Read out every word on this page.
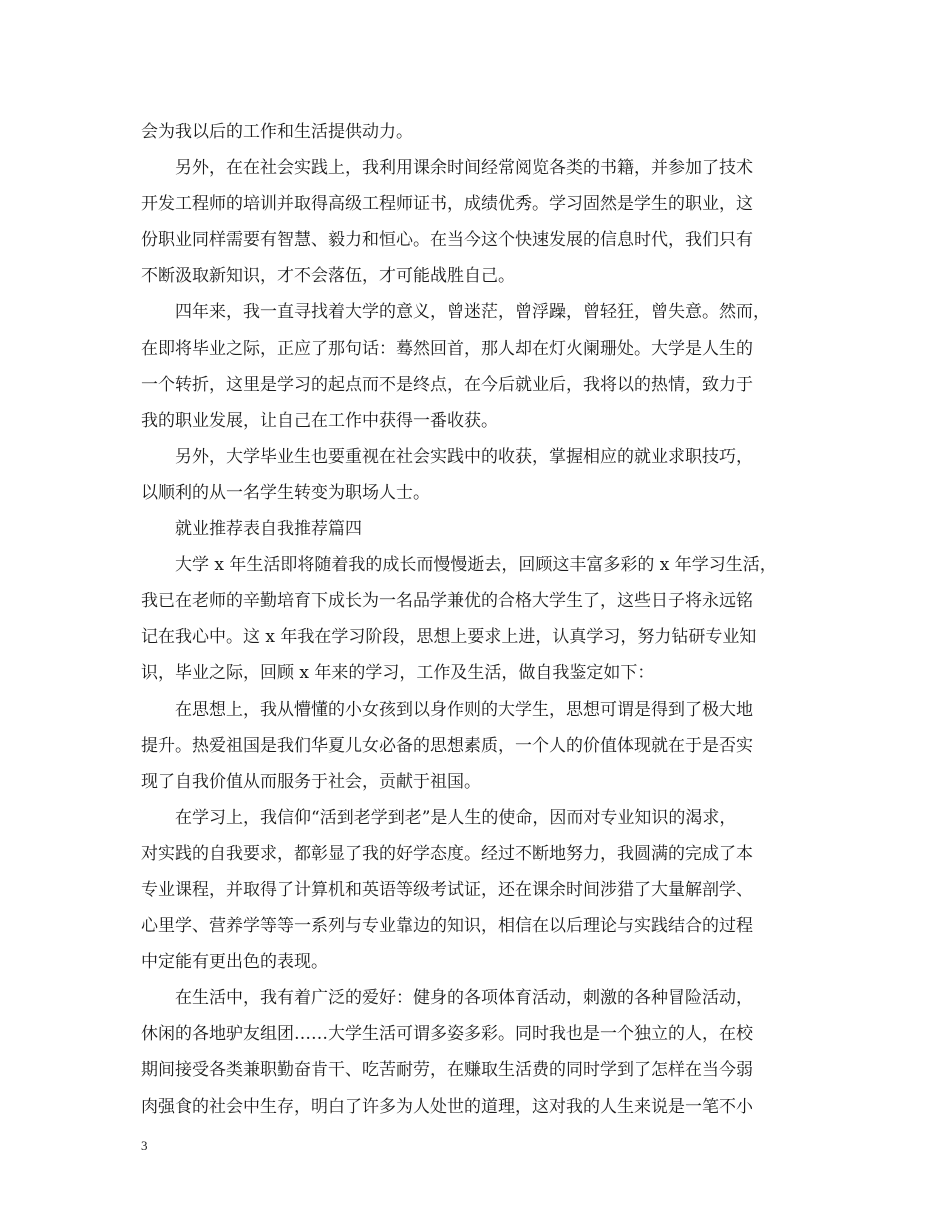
会为我以后的工作和生活提供动力。
另外，在在社会实践上，我利用课余时间经常阅览各类的书籍，并参加了技术
开发工程师的培训并取得高级工程师证书，成绩优秀。学习固然是学生的职业，这
份职业同样需要有智慧、毅力和恒心。在当今这个快速发展的信息时代，我们只有
不断汲取新知识，才不会落伍，才可能战胜自己。
四年来，我一直寻找着大学的意义，曾迷茫，曾浮躁，曾轻狂，曾失意。然而，
在即将毕业之际，正应了那句话：蓦然回首，那人却在灯火阑珊处。大学是人生的
一个转折，这里是学习的起点而不是终点，在今后就业后，我将以的热情，致力于
我的职业发展，让自己在工作中获得一番收获。
另外，大学毕业生也要重视在社会实践中的收获，掌握相应的就业求职技巧，
以顺利的从一名学生转变为职场人士。
就业推荐表自我推荐篇四
大学 x 年生活即将随着我的成长而慢慢逝去，回顾这丰富多彩的 x 年学习生活，
我已在老师的辛勤培育下成长为一名品学兼优的合格大学生了，这些日子将永远铭
记在我心中。这 x 年我在学习阶段，思想上要求上进，认真学习，努力钻研专业知
识，毕业之际，回顾 x 年来的学习，工作及生活，做自我鉴定如下：
在思想上，我从懵懂的小女孩到以身作则的大学生，思想可谓是得到了极大地
提升。热爱祖国是我们华夏儿女必备的思想素质，一个人的价值体现就在于是否实
现了自我价值从而服务于社会，贡献于祖国。
在学习上，我信仰“活到老学到老”是人生的使命，因而对专业知识的渴求，
对实践的自我要求，都彰显了我的好学态度。经过不断地努力，我圆满的完成了本
专业课程，并取得了计算机和英语等级考试证，还在课余时间涉猎了大量解剖学、
心里学、营养学等等一系列与专业靠边的知识，相信在以后理论与实践结合的过程
中定能有更出色的表现。
在生活中，我有着广泛的爱好：健身的各项体育活动，刺激的各种冒险活动，
休闲的各地驴友组团……大学生活可谓多姿多彩。同时我也是一个独立的人，在校
期间接受各类兼职勤奋肯干、吃苦耐劳，在赚取生活费的同时学到了怎样在当今弱
肉强食的社会中生存，明白了许多为人处世的道理，这对我的人生来说是一笔不小
3
